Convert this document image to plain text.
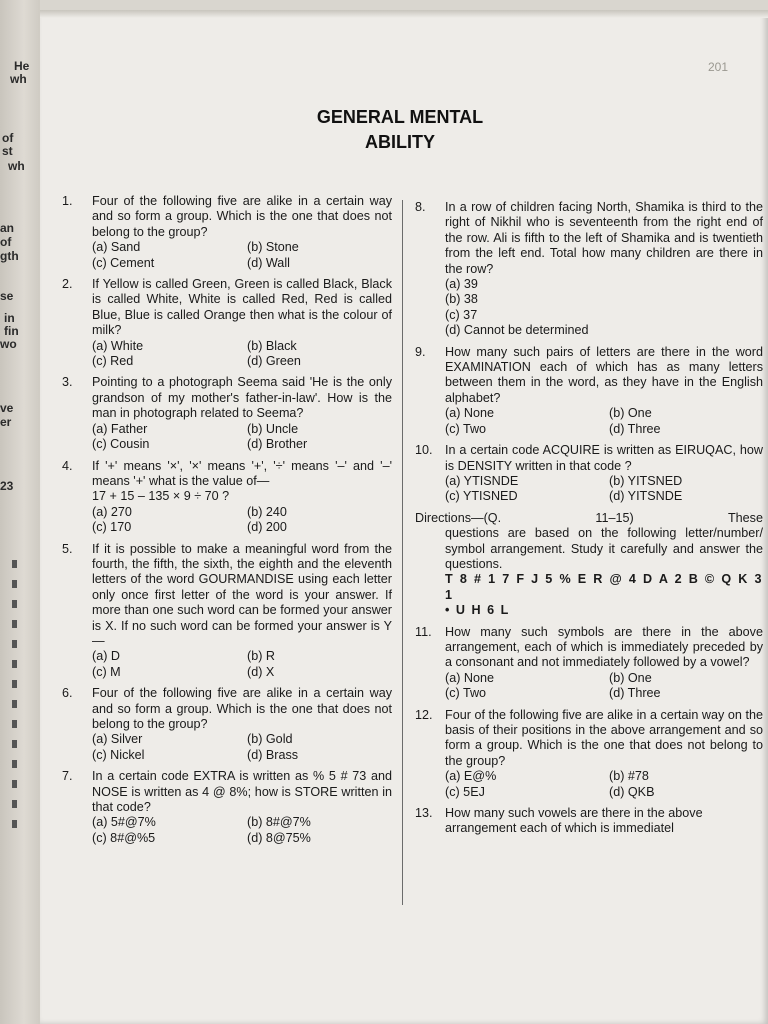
He
wh
of
st
wh
an
of
gth
se
in
fin
wo
ve
er
23
201
GENERAL MENTAL
ABILITY
1.	Four of the following five are alike in a certain way and so form a group. Which is the one that does not belong to the group?

(a) Sand	(b) Stone
(c) Cement	(d) Wall
2.	If Yellow is called Green, Green is called Black, Black is called White, White is called Red, Red is called Blue, Blue is called Orange then what is the colour of milk?

(a) White	(b) Black
(c) Red	(d) Green
3.	Pointing to a photograph Seema said 'He is the only grandson of my mother's father-in-law'. How is the man in photograph related to Seema?

(a) Father	(b) Uncle
(c) Cousin	(d) Brother
4.	If '+' means '×', '×' means '+', '÷' means '–' and '–' means '+' what is the value of—

17 + 15 – 135 × 9 ÷ 70 ?

(a) 270	(b) 240
(c) 170	(d) 200
5.	If it is possible to make a meaningful word from the fourth, the fifth, the sixth, the eighth and the eleventh letters of the word GOURMANDISE using each letter only once first letter of the word is your answer. If more than one such word can be formed your answer is X. If no such word can be formed your answer is Y—

(a) D	(b) R
(c) M	(d) X
6.	Four of the following five are alike in a certain way and so form a group. Which is the one that does not belong to the group?

(a) Silver	(b) Gold
(c) Nickel	(d) Brass
7.	In a certain code EXTRA is written as % 5 # 73 and NOSE is written as 4 @ 8%; how is STORE written in that code?

(a) 5#@7%	(b) 8#@7%
(c) 8#@%5	(d) 8@75%
8.	In a row of children facing North, Shamika is third to the right of Nikhil who is seventeenth from the right end of the row. Ali is fifth to the left of Shamika and is twentieth from the left end. Total how many children are there in the row?

(a) 39
(b) 38
(c) 37
(d) Cannot be determined
9.	How many such pairs of letters are there in the word EXAMINATION each of which has as many letters between them in the word, as they have in the English alphabet?

(a) None	(b) One
(c) Two	(d) Three
10. In a certain code ACQUIRE is written as EIRUQAC, how is DENSITY written in that code ?

(a) YTISNDE	(b) YITSNED
(c) YTISNED	(d) YITSNDE
Directions—(Q.	11–15)	These
questions are based on the following letter/number/ symbol arrangement. Study it carefully and answer the questions.
T 8 # 1 7 F J 5 % E R @ 4 D A 2 B © Q K 3 1
• U H 6 L
11.	How many such symbols are there in the above arrangement, each of which is immediately preceded by a consonant and not immediately followed by a vowel?

(a) None	(b) One
(c) Two	(d) Three
12. Four of the following five are alike in a certain way on the basis of their positions in the above arrangement and so form a group. Which is the one that does not belong to the group?

(a) E@%	(b) #78
(c) 5EJ	(d) QKB
13. How many such vowels are there in the above arrangement each of which is immediatel
